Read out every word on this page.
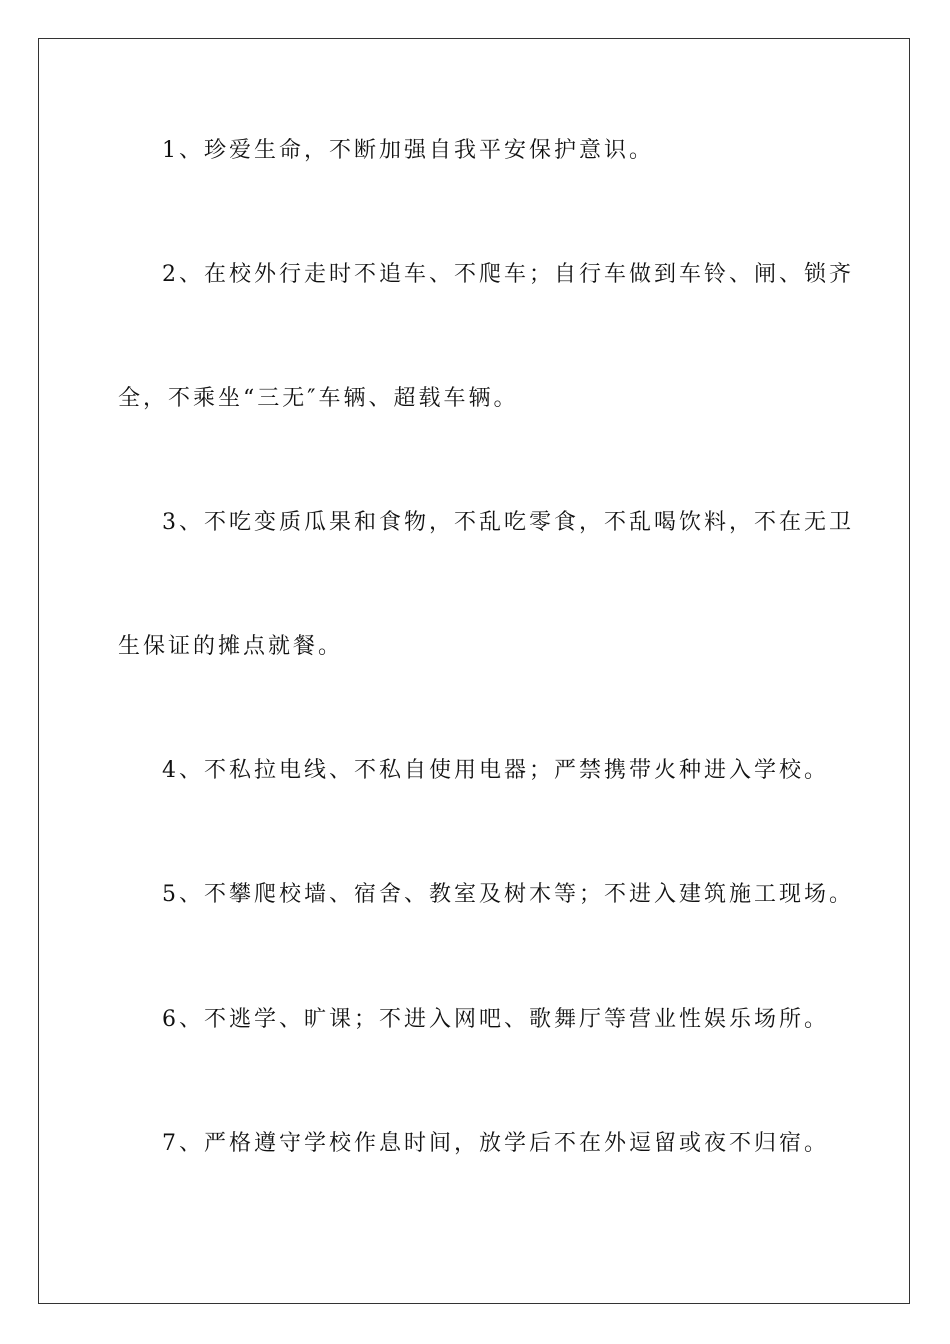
1、珍爱生命，不断加强自我平安保护意识。
2、在校外行走时不追车、不爬车；自行车做到车铃、闸、锁齐
全，不乘坐“三无″车辆、超载车辆。
3、不吃变质瓜果和食物，不乱吃零食，不乱喝饮料，不在无卫
生保证的摊点就餐。
4、不私拉电线、不私自使用电器；严禁携带火种进入学校。
5、不攀爬校墙、宿舍、教室及树木等；不进入建筑施工现场。
6、不逃学、旷课；不进入网吧、歌舞厅等营业性娱乐场所。
7、严格遵守学校作息时间，放学后不在外逗留或夜不归宿。
